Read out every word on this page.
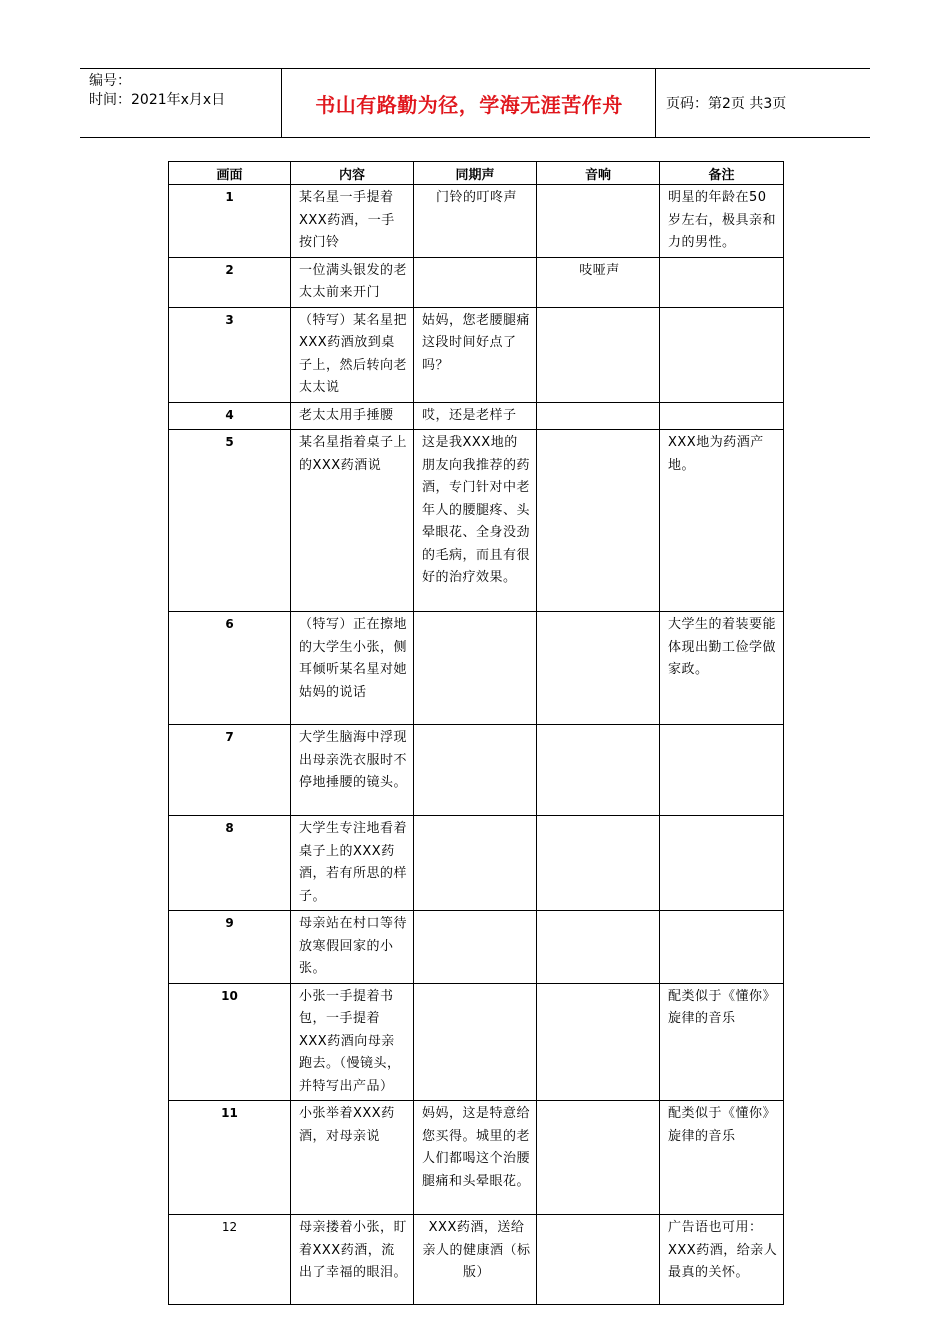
编号：
时间：2021年x月x日	书山有路勤为径，学海无涯苦作舟	页码：第2页 共3页
画面	内容	同期声	音响	备注
1	某名星一手提着XXX药酒，一手按门铃	门铃的叮咚声		明星的年龄在50岁左右，极具亲和力的男性。
2	一位满头银发的老太太前来开门		吱哑声	
3	（特写）某名星把XXX药酒放到桌子上，然后转向老太太说	姑妈，您老腰腿痛这段时间好点了吗？		
4	老太太用手捶腰	哎，还是老样子		
5	某名星指着桌子上的XXX药酒说	这是我XXX地的朋友向我推荐的药酒，专门针对中老年人的腰腿疼、头晕眼花、全身没劲的毛病，而且有很好的治疗效果。		XXX地为药酒产地。
6	（特写）正在擦地的大学生小张，侧耳倾听某名星对她姑妈的说话			大学生的着装要能体现出勤工俭学做家政。
7	大学生脑海中浮现出母亲洗衣服时不停地捶腰的镜头。			
8	大学生专注地看着桌子上的XXX药酒，若有所思的样子。			
9	母亲站在村口等待放寒假回家的小张。			
10	小张一手提着书包，一手提着XXX药酒向母亲跑去。（慢镜头，并特写出产品）			配类似于《懂你》旋律的音乐
11	小张举着XXX药酒，对母亲说	妈妈，这是特意给您买得。城里的老人们都喝这个治腰腿痛和头晕眼花。		配类似于《懂你》旋律的音乐
12	母亲搂着小张，盯着XXX药酒，流出了幸福的眼泪。	XXX药酒，送给亲人的健康酒（标版）		广告语也可用：XXX药酒，给亲人最真的关怀。
